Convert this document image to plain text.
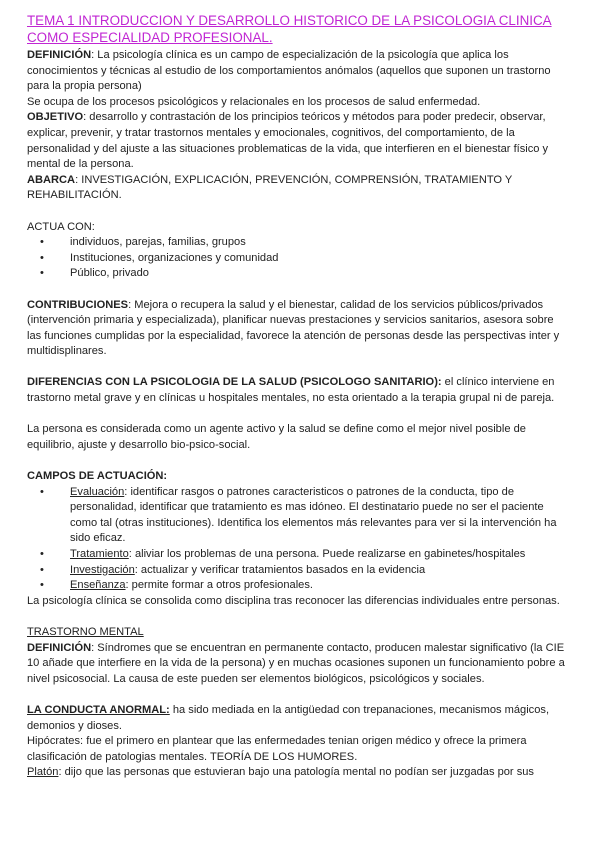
TEMA 1 INTRODUCCION Y DESARROLLO HISTORICO DE LA PSICOLOGIA CLINICA COMO ESPECIALIDAD PROFESIONAL.

DEFINICIÓN: La psicología clínica es un campo de especialización de la psicología que aplica los conocimientos y técnicas al estudio de los comportamientos anómalos (aquellos que suponen un trastorno para la propia persona)

Se ocupa de los procesos psicológicos y relacionales en los procesos de salud enfermedad.

OBJETIVO: desarrollo y contrastación de los principios teóricos y métodos para poder predecir, observar, explicar, prevenir, y tratar trastornos mentales y emocionales, cognitivos, del comportamiento, de la personalidad y del ajuste a las situaciones problematicas de la vida, que interfieren en el bienestar físico y mental de la persona.

ABARCA: INVESTIGACIÓN, EXPLICACIÓN, PREVENCIÓN, COMPRENSIÓN, TRATAMIENTO Y REHABILITACIÓN.

ACTUA CON:

• individuos, parejas, familias, grupos
• Instituciones, organizaciones y comunidad
• Público, privado

CONTRIBUCIONES: Mejora o recupera la salud y el bienestar, calidad de los servicios públicos/privados (intervención primaria y especializada), planificar nuevas prestaciones y servicios sanitarios, asesora sobre las funciones cumplidas por la especialidad, favorece la atención de personas desde las perspectivas inter y multidisplinares.

DIFERENCIAS CON LA PSICOLOGIA DE LA SALUD (PSICOLOGO SANITARIO): el clínico interviene en trastorno metal grave y en clínicas u hospitales mentales, no esta orientado a la terapia grupal ni de pareja.

La persona es considerada como un agente activo y la salud se define como el mejor nivel posible de equilibrio, ajuste y desarrollo bio-psico-social.

CAMPOS DE ACTUACIÓN:

• Evaluación: identificar rasgos o patrones caracteristicos o patrones de la conducta, tipo de personalidad, identificar que tratamiento es mas idóneo. El destinatario puede no ser el paciente como tal (otras instituciones). Identifica los elementos más relevantes para ver si la intervención ha sido eficaz.
• Tratamiento: aliviar los problemas de una persona. Puede realizarse en gabinetes/hospitales
• Investigación: actualizar y verificar tratamientos basados en la evidencia
• Enseñanza: permite formar a otros profesionales.

La psicología clínica se consolida como disciplina tras reconocer las diferencias individuales entre personas.

TRASTORNO MENTAL

DEFINICIÓN: Síndromes que se encuentran en permanente contacto, producen malestar significativo (la CIE 10 añade que interfiere en la vida de la persona) y en muchas ocasiones suponen un funcionamiento pobre a nivel psicosocial. La causa de este pueden ser elementos biológicos, psicológicos y sociales.

LA CONDUCTA ANORMAL: ha sido mediada en la antigüedad con trepanaciones, mecanismos mágicos, demonios y dioses.

Hipócrates: fue el primero en plantear que las enfermedades tenian origen médico y ofrece la primera clasificación de patologias mentales. TEORÍA DE LOS HUMORES.

Platón: dijo que las personas que estuvieran bajo una patología mental no podían ser juzgadas por sus
